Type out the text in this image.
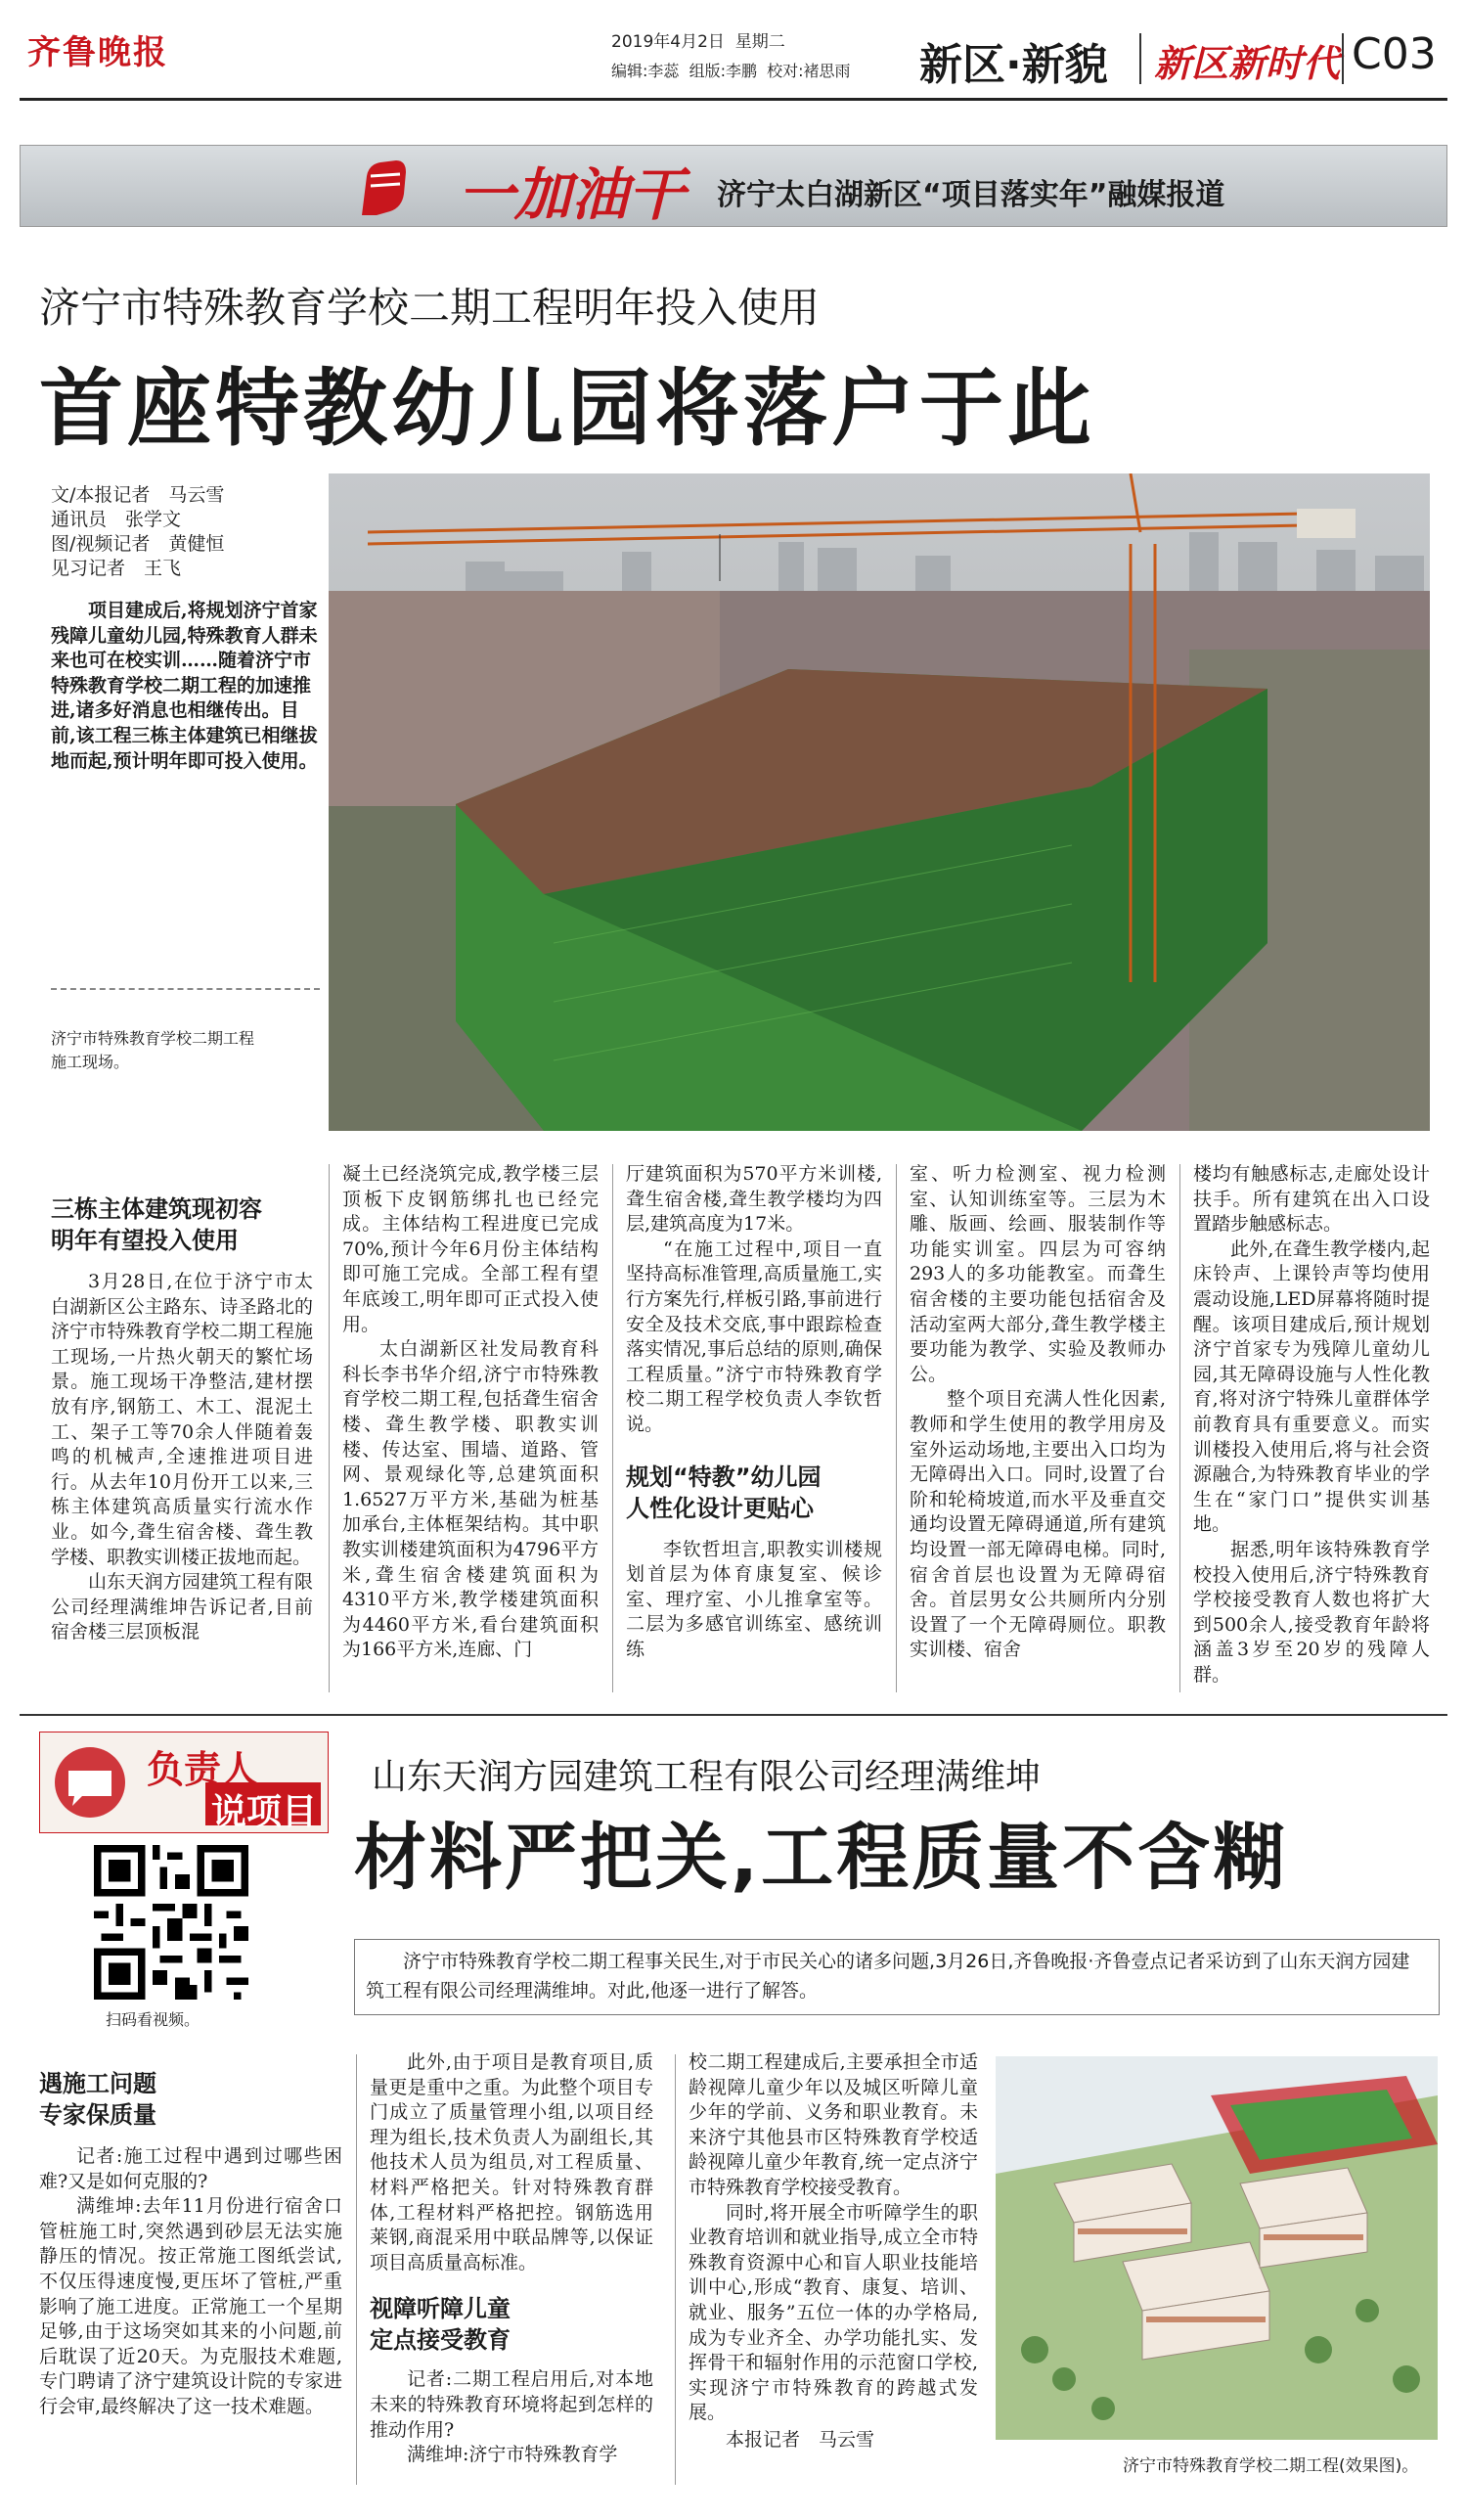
齐鲁晚报	2019年4月2日 星期二
编辑:李蕊 组版:李鹏 校对:褚思雨	新区·新貌 新区新时代 C03
一加油干 济宁太白湖新区“项目落实年”融媒报道
济宁市特殊教育学校二期工程明年投入使用
首座特教幼儿园将落户于此
文/本报记者　马云雪
通讯员　张学文
图/视频记者　黄健恒
见习记者　王飞
项目建成后,将规划济宁首家残障儿童幼儿园,特殊教育人群未来也可在校实训……随着济宁市特殊教育学校二期工程的加速推进,诸多好消息也相继传出。目前,该工程三栋主体建筑已相继拔地而起,预计明年即可投入使用。
济宁市特殊教育学校二期工程施工现场。
三栋主体建筑现初容
明年有望投入使用

3月28日,在位于济宁市太白湖新区公主路东、诗圣路北的济宁市特殊教育学校二期工程施工现场,一片热火朝天的繁忙场景。施工现场干净整洁,建材摆放有序,钢筋工、木工、混泥土工、架子工等70余人伴随着轰鸣的机械声,全速推进项目进行。从去年10月份开工以来,三栋主体建筑高质量实行流水作业。如今,聋生宿舍楼、聋生教学楼、职教实训楼正拔地而起。

山东天润方园建筑工程有限公司经理满维坤告诉记者,目前宿舍楼三层顶板混

凝土已经浇筑完成,教学楼三层顶板下皮钢筋绑扎也已经完成。主体结构工程进度已完成70%,预计今年6月份主体结构即可施工完成。全部工程有望年底竣工,明年即可正式投入使用。

太白湖新区社发局教育科科长李书华介绍,济宁市特殊教育学校二期工程,包括聋生宿舍楼、聋生教学楼、职教实训楼、传达室、围墙、道路、管网、景观绿化等,总建筑面积1.6527万平方米,基础为桩基加承台,主体框架结构。其中职教实训楼建筑面积为4796平方米,聋生宿舍楼建筑面积为4310平方米,教学楼建筑面积为4460平方米,看台建筑面积为166平方米,连廊、门

厅建筑面积为570平方米训楼,聋生宿舍楼,聋生教学楼均为四层,建筑高度为17米。

“在施工过程中,项目一直坚持高标准管理,高质量施工,实行方案先行,样板引路,事前进行安全及技术交底,事中跟踪检查落实情况,事后总结的原则,确保工程质量。”济宁市特殊教育学校二期工程学校负责人李钦哲说。

规划“特教”幼儿园
人性化设计更贴心

李钦哲坦言,职教实训楼规划首层为体育康复室、候诊室、理疗室、小儿推拿室等。二层为多感官训练室、感统训练

室、听力检测室、视力检测室、认知训练室等。三层为木雕、版画、绘画、服装制作等功能实训室。四层为可容纳293人的多功能教室。而聋生宿舍楼的主要功能包括宿舍及活动室两大部分,聋生教学楼主要功能为教学、实验及教师办公。

整个项目充满人性化因素,教师和学生使用的教学用房及室外运动场地,主要出入口均为无障碍出入口。同时,设置了台阶和轮椅坡道,而水平及垂直交通均设置无障碍通道,所有建筑均设置一部无障碍电梯。同时,宿舍首层也设置为无障碍宿舍。首层男女公共厕所内分别设置了一个无障碍厕位。职教实训楼、宿舍

楼均有触感标志,走廊处设计扶手。所有建筑在出入口设置踏步触感标志。

此外,在聋生教学楼内,起床铃声、上课铃声等均使用震动设施,LED屏幕将随时提醒。该项目建成后,预计规划济宁首家专为残障儿童幼儿园,其无障碍设施与人性化教育,将对济宁特殊儿童群体学前教育具有重要意义。而实训楼投入使用后,将与社会资源融合,为特殊教育毕业的学生在“家门口”提供实训基地。

据悉,明年该特殊教育学校投入使用后,济宁特殊教育学校接受教育人数也将扩大到500余人,接受教育年龄将涵盖3岁至20岁的残障人群。

负责人
说项目
山东天润方园建筑工程有限公司经理满维坤
材料严把关,工程质量不含糊
扫码看视频。
济宁市特殊教育学校二期工程事关民生,对于市民关心的诸多问题,3月26日,齐鲁晚报·齐鲁壹点记者采访到了山东天润方园建筑工程有限公司经理满维坤。对此,他逐一进行了解答。
遇施工问题
专家保质量

记者:施工过程中遇到过哪些困难?又是如何克服的?

满维坤:去年11月份进行宿舍口管桩施工时,突然遇到砂层无法实施静压的情况。按正常施工图纸尝试,不仅压得速度慢,更压坏了管桩,严重影响了施工进度。正常施工一个星期足够,由于这场突如其来的小问题,前后耽误了近20天。为克服技术难题,专门聘请了济宁建筑设计院的专家进行会审,最终解决了这一技术难题。

此外,由于项目是教育项目,质量更是重中之重。为此整个项目专门成立了质量管理小组,以项目经理为组长,技术负责人为副组长,其他技术人员为组员,对工程质量、材料严格把关。针对特殊教育群体,工程材料严格把控。钢筋选用莱钢,商混采用中联品牌等,以保证项目高质量高标准。

视障听障儿童
定点接受教育

记者:二期工程启用后,对本地未来的特殊教育环境将起到怎样的推动作用?

满维坤:济宁市特殊教育学

校二期工程建成后,主要承担全市适龄视障儿童少年以及城区听障儿童少年的学前、义务和职业教育。未来济宁其他县市区特殊教育学校适龄视障儿童少年教育,统一定点济宁市特殊教育学校接受教育。

同时,将开展全市听障学生的职业教育培训和就业指导,成立全市特殊教育资源中心和盲人职业技能培训中心,形成“教育、康复、培训、就业、服务”五位一体的办学格局,成为专业齐全、办学功能扎实、发挥骨干和辐射作用的示范窗口学校,实现济宁市特殊教育的跨越式发展。

本报记者　马云雪

济宁市特殊教育学校二期工程(效果图)。
